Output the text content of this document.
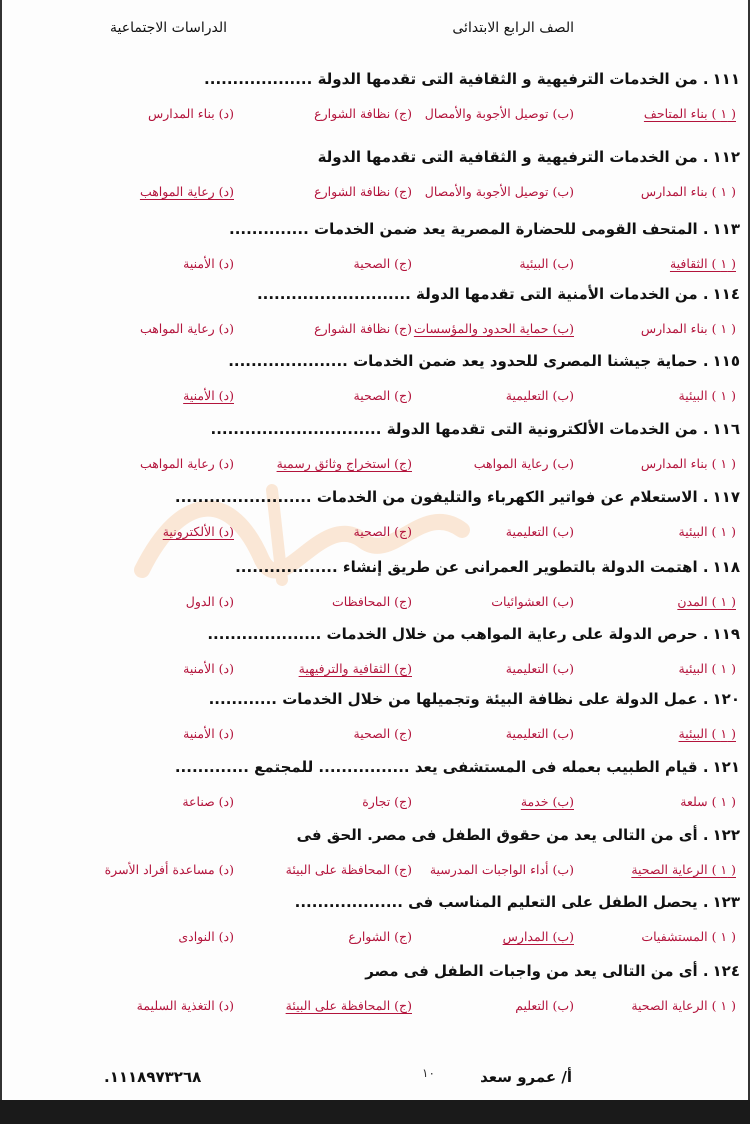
الصف الرابع الابتدائى
الدراسات الاجتماعية
١١١. من الخدمات الترفيهية و الثقافية التى تقدمها الدولة ...................
( ١ ) بناء المتاحف
(ب) توصيل الأجوبة والأمصال
(ج) نظافة الشوارع
(د) بناء المدارس
١١٢. من الخدمات الترفيهية و الثقافية التى تقدمها الدولة
( ١ ) بناء المدارس
(ب) توصيل الأجوبة والأمصال
(ج) نظافة الشوارع
(د) رعاية المواهب
١١٣. المتحف القومى للحضارة المصرية يعد ضمن الخدمات ..............
( ١ ) الثقافية
(ب) البيئية
(ج) الصحية
(د) الأمنية
١١٤. من الخدمات الأمنية التى تقدمها الدولة ...........................
( ١ ) بناء المدارس
(ب) حماية الحدود والمؤسسات
(ج) نظافة الشوارع
(د) رعاية المواهب
١١٥. حماية جيشنا المصرى للحدود يعد ضمن الخدمات .....................
( ١ ) البيئية
(ب) التعليمية
(ج) الصحية
(د) الأمنية
١١٦. من الخدمات الألكترونية التى تقدمها الدولة ..............................
( ١ ) بناء المدارس
(ب) رعاية المواهب
(ج) استخراج وثائق رسمية
(د) رعاية المواهب
١١٧. الاستعلام عن فواتير الكهرباء والتليفون من الخدمات ........................
( ١ ) البيئية
(ب) التعليمية
(ج) الصحية
(د) الألكترونية
١١٨. اهتمت الدولة بالتطوير العمرانى عن طريق إنشاء ..................
( ١ ) المدن
(ب) العشوائيات
(ج) المحافظات
(د) الدول
١١٩. حرص الدولة على رعاية المواهب من خلال الخدمات ....................
( ١ ) البيئية
(ب) التعليمية
(ج) الثقافية والترفيهية
(د) الأمنية
١٢٠. عمل الدولة على نظافة البيئة وتجميلها من خلال الخدمات ............
( ١ ) البيئية
(ب) التعليمية
(ج) الصحية
(د) الأمنية
١٢١. قيام الطبيب بعمله فى المستشفى يعد ................ للمجتمع .............
( ١ ) سلعة
(ب) خدمة
(ج) تجارة
(د) صناعة
١٢٢. أى من التالى يعد من حقوق الطفل فى مصر. الحق فى
( ١ ) الرعاية الصحية
(ب) أداء الواجبات المدرسية
(ج) المحافظة على البيئة
(د) مساعدة أفراد الأسرة
١٢٣. يحصل الطفل على التعليم المناسب فى ...................
( ١ ) المستشفيات
(ب) المدارس
(ج) الشوارع
(د) النوادى
١٢٤. أى من التالى يعد من واجبات الطفل فى مصر
( ١ ) الرعاية الصحية
(ب) التعليم
(ج) المحافظة على البيئة
(د) التغذية السليمة
أ/ عمرو سعد
١٠
.١١١٨٩٧٣٢٦٨
